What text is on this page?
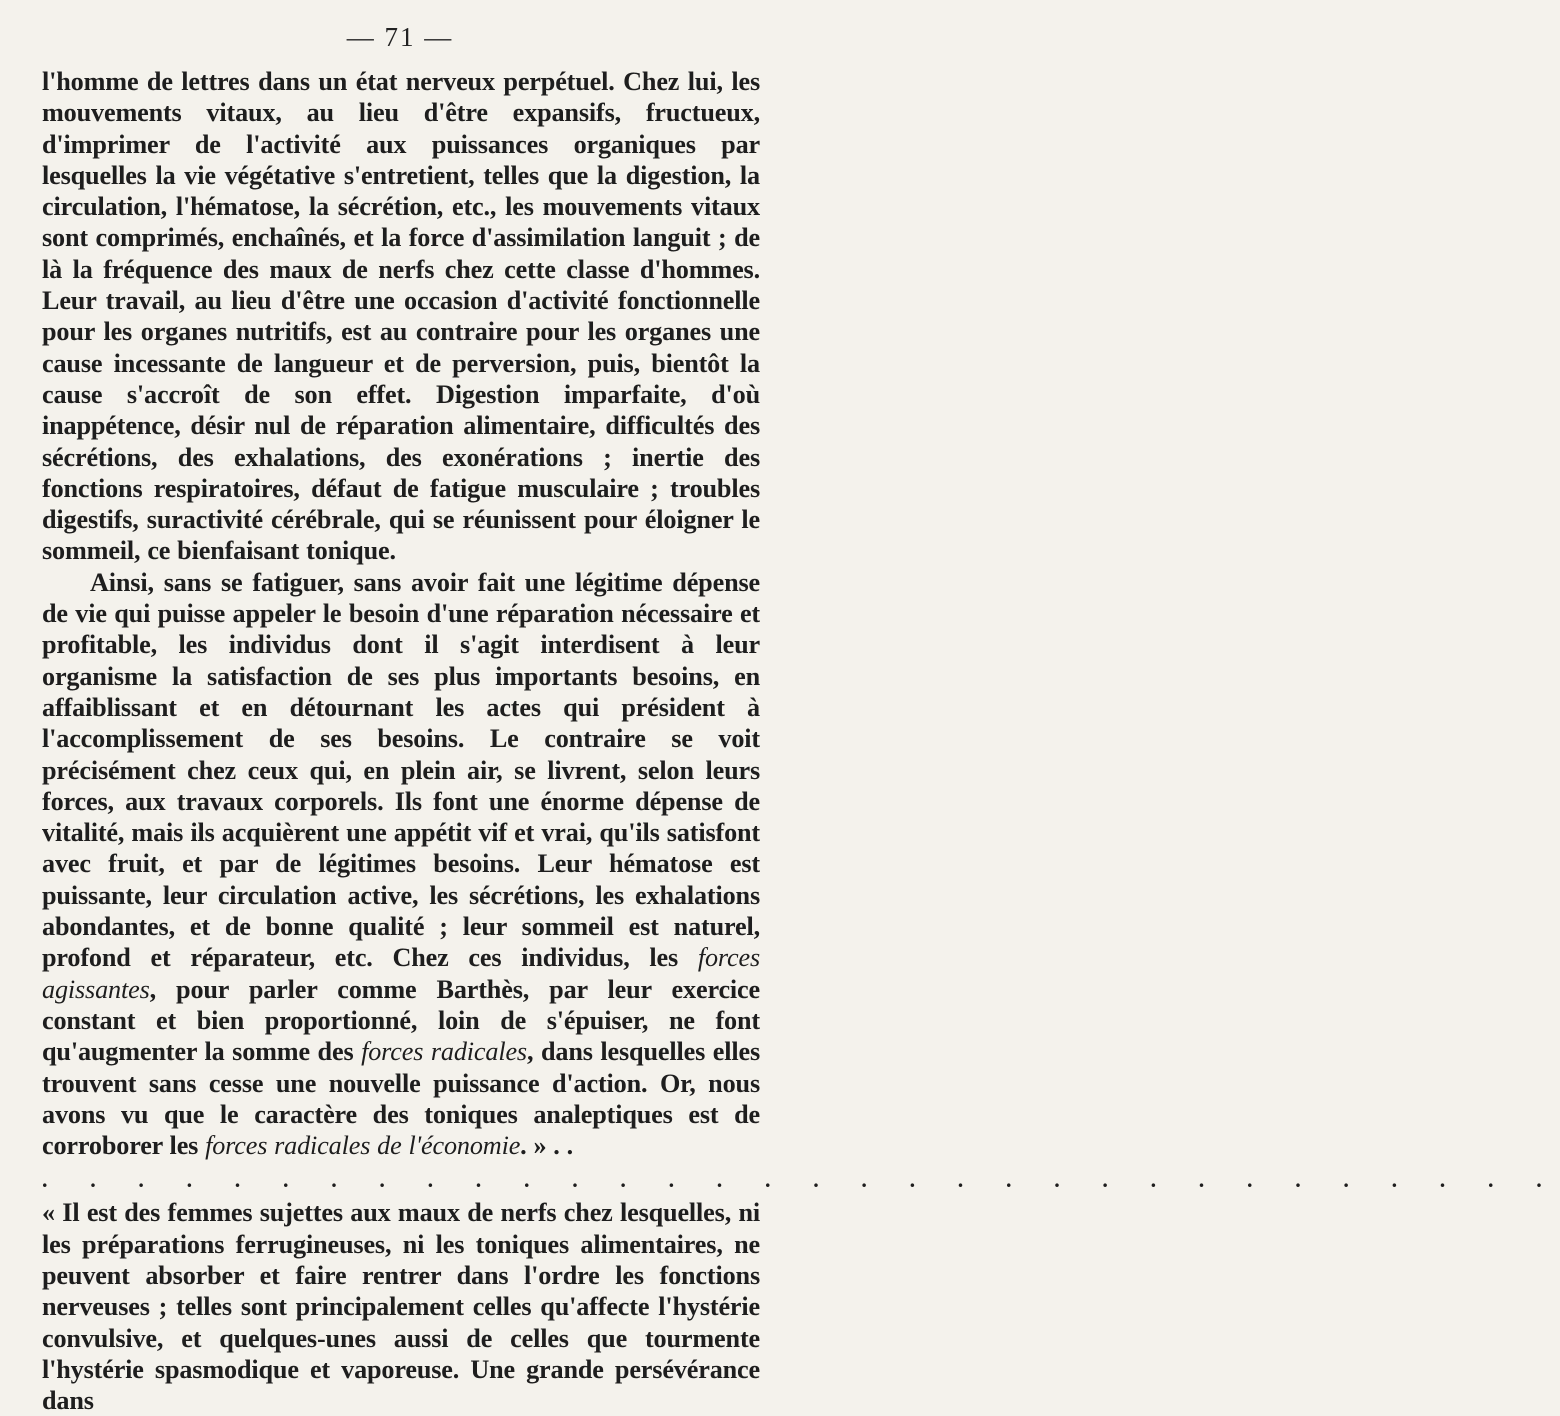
— 71 —

l'homme de lettres dans un état nerveux perpétuel. Chez lui, les mouvements vitaux, au lieu d'être expansifs, fructueux, d'imprimer de l'activité aux puissances organiques par lesquelles la vie végétative s'entretient, telles que la digestion, la circulation, l'hématose, la sécrétion, etc., les mouvements vitaux sont comprimés, enchaînés, et la force d'assimilation languit ; de là la fréquence des maux de nerfs chez cette classe d'hommes. Leur travail, au lieu d'être une occasion d'activité fonctionnelle pour les organes nutritifs, est au contraire pour les organes une cause incessante de langueur et de perversion, puis, bientôt la cause s'accroît de son effet. Digestion imparfaite, d'où inappétence, désir nul de réparation alimentaire, difficultés des sécrétions, des exhalations, des exonérations ; inertie des fonctions respiratoires, défaut de fatigue musculaire ; troubles digestifs, suractivité cérébrale, qui se réunissent pour éloigner le sommeil, ce bienfaisant tonique.

Ainsi, sans se fatiguer, sans avoir fait une légitime dépense de vie qui puisse appeler le besoin d'une réparation nécessaire et profitable, les individus dont il s'agit interdisent à leur organisme la satisfaction de ses plus importants besoins, en affaiblissant et en détournant les actes qui président à l'accomplissement de ses besoins. Le contraire se voit précisément chez ceux qui, en plein air, se livrent, selon leurs forces, aux travaux corporels. Ils font une énorme dépense de vitalité, mais ils acquièrent une appétit vif et vrai, qu'ils satisfont avec fruit, et par de légitimes besoins. Leur hématose est puissante, leur circulation active, les sécrétions, les exhalations abondantes, et de bonne qualité ; leur sommeil est naturel, profond et réparateur, etc. Chez ces individus, les forces agissantes, pour parler comme Barthès, par leur exercice constant et bien proportionné, loin de s'épuiser, ne font qu'augmenter la somme des forces radicales, dans lesquelles elles trouvent sans cesse une nouvelle puissance d'action. Or, nous avons vu que le caractère des toniques analeptiques est de corroborer les forces radicales de l'économie. » . .

. . . . . . . . . . . . . . . . . . . . . . . . . . . . . . . .

« Il est des femmes sujettes aux maux de nerfs chez lesquelles, ni les préparations ferrugineuses, ni les toniques alimentaires, ne peuvent absorber et faire rentrer dans l'ordre les fonctions nerveuses ; telles sont principalement celles qu'affecte l'hystérie convulsive, et quelques-unes aussi de celles que tourmente l'hystérie spasmodique et vaporeuse. Une grande persévérance dans
